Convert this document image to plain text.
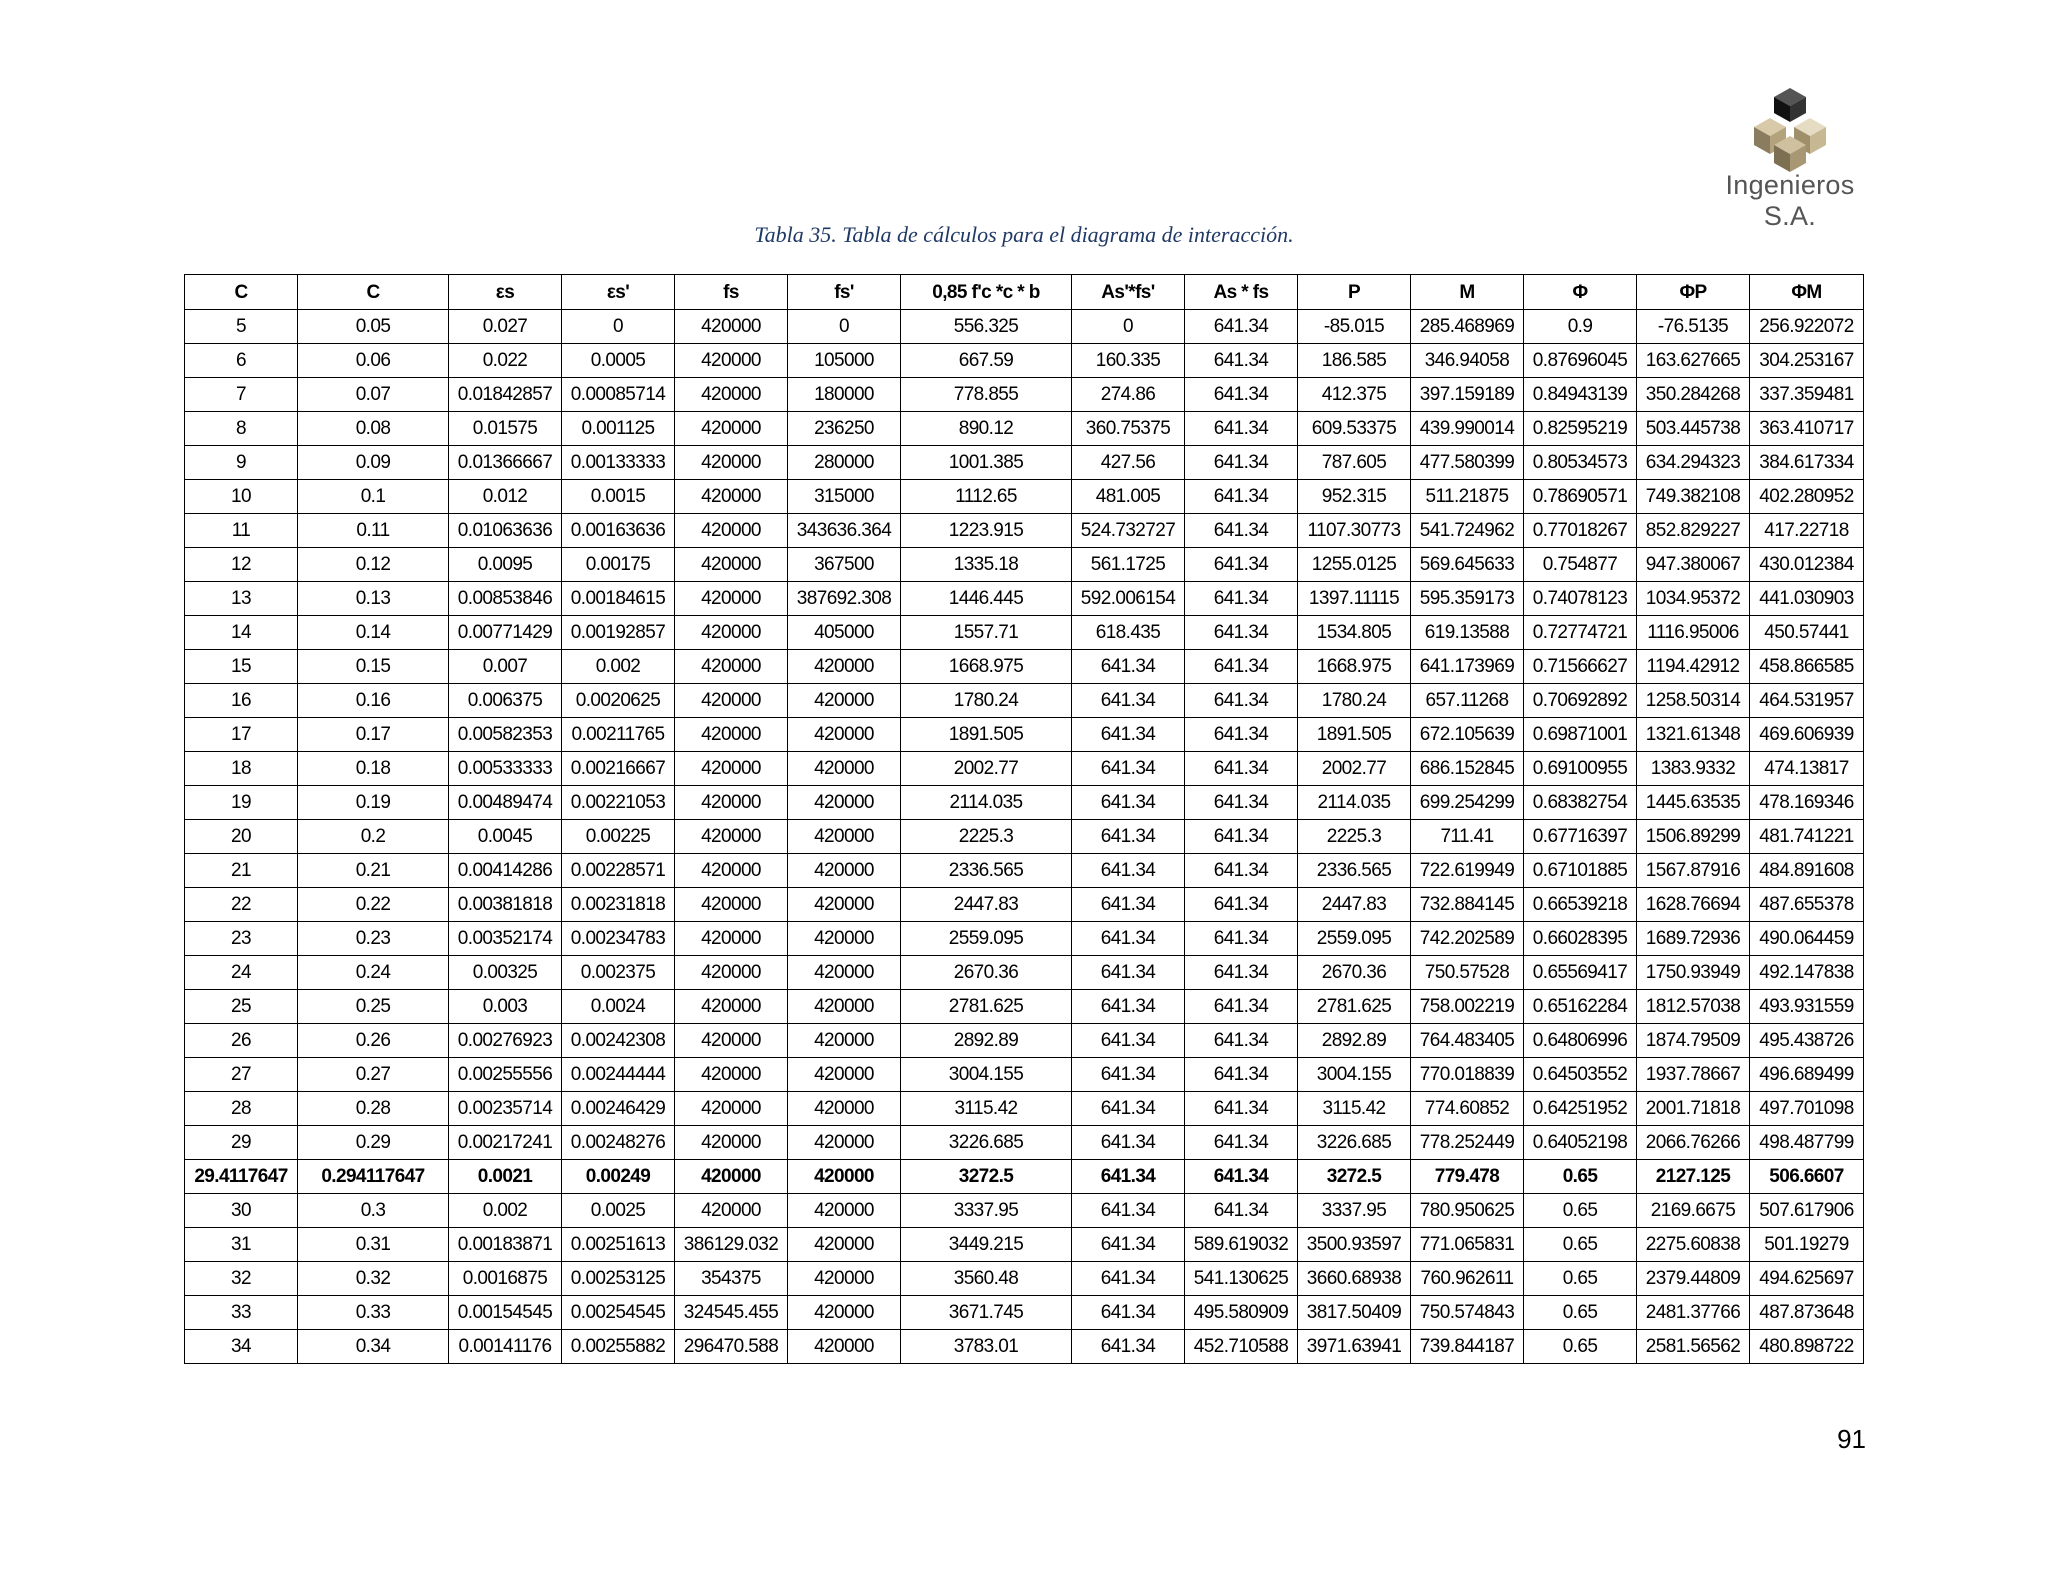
Ingenieros S.A.
Tabla 35. Tabla de cálculos para el diagrama de interacción.
C	C	εs	εs'	fs	fs'	0,85 f'c *c * b	As'*fs'	As * fs	P	M	Φ	ΦP	ΦM
5	0.05	0.027	0	420000	0	556.325	0	641.34	-85.015	285.468969	0.9	-76.5135	256.922072
6	0.06	0.022	0.0005	420000	105000	667.59	160.335	641.34	186.585	346.94058	0.87696045	163.627665	304.253167
7	0.07	0.01842857	0.00085714	420000	180000	778.855	274.86	641.34	412.375	397.159189	0.84943139	350.284268	337.359481
8	0.08	0.01575	0.001125	420000	236250	890.12	360.75375	641.34	609.53375	439.990014	0.82595219	503.445738	363.410717
9	0.09	0.01366667	0.00133333	420000	280000	1001.385	427.56	641.34	787.605	477.580399	0.80534573	634.294323	384.617334
10	0.1	0.012	0.0015	420000	315000	1112.65	481.005	641.34	952.315	511.21875	0.78690571	749.382108	402.280952
11	0.11	0.01063636	0.00163636	420000	343636.364	1223.915	524.732727	641.34	1107.30773	541.724962	0.77018267	852.829227	417.22718
12	0.12	0.0095	0.00175	420000	367500	1335.18	561.1725	641.34	1255.0125	569.645633	0.754877	947.380067	430.012384
13	0.13	0.00853846	0.00184615	420000	387692.308	1446.445	592.006154	641.34	1397.11115	595.359173	0.74078123	1034.95372	441.030903
14	0.14	0.00771429	0.00192857	420000	405000	1557.71	618.435	641.34	1534.805	619.13588	0.72774721	1116.95006	450.57441
15	0.15	0.007	0.002	420000	420000	1668.975	641.34	641.34	1668.975	641.173969	0.71566627	1194.42912	458.866585
16	0.16	0.006375	0.0020625	420000	420000	1780.24	641.34	641.34	1780.24	657.11268	0.70692892	1258.50314	464.531957
17	0.17	0.00582353	0.00211765	420000	420000	1891.505	641.34	641.34	1891.505	672.105639	0.69871001	1321.61348	469.606939
18	0.18	0.00533333	0.00216667	420000	420000	2002.77	641.34	641.34	2002.77	686.152845	0.69100955	1383.9332	474.13817
19	0.19	0.00489474	0.00221053	420000	420000	2114.035	641.34	641.34	2114.035	699.254299	0.68382754	1445.63535	478.169346
20	0.2	0.0045	0.00225	420000	420000	2225.3	641.34	641.34	2225.3	711.41	0.67716397	1506.89299	481.741221
21	0.21	0.00414286	0.00228571	420000	420000	2336.565	641.34	641.34	2336.565	722.619949	0.67101885	1567.87916	484.891608
22	0.22	0.00381818	0.00231818	420000	420000	2447.83	641.34	641.34	2447.83	732.884145	0.66539218	1628.76694	487.655378
23	0.23	0.00352174	0.00234783	420000	420000	2559.095	641.34	641.34	2559.095	742.202589	0.66028395	1689.72936	490.064459
24	0.24	0.00325	0.002375	420000	420000	2670.36	641.34	641.34	2670.36	750.57528	0.65569417	1750.93949	492.147838
25	0.25	0.003	0.0024	420000	420000	2781.625	641.34	641.34	2781.625	758.002219	0.65162284	1812.57038	493.931559
26	0.26	0.00276923	0.00242308	420000	420000	2892.89	641.34	641.34	2892.89	764.483405	0.64806996	1874.79509	495.438726
27	0.27	0.00255556	0.00244444	420000	420000	3004.155	641.34	641.34	3004.155	770.018839	0.64503552	1937.78667	496.689499
28	0.28	0.00235714	0.00246429	420000	420000	3115.42	641.34	641.34	3115.42	774.60852	0.64251952	2001.71818	497.701098
29	0.29	0.00217241	0.00248276	420000	420000	3226.685	641.34	641.34	3226.685	778.252449	0.64052198	2066.76266	498.487799
29.4117647	0.294117647	0.0021	0.00249	420000	420000	3272.5	641.34	641.34	3272.5	779.478	0.65	2127.125	506.6607
30	0.3	0.002	0.0025	420000	420000	3337.95	641.34	641.34	3337.95	780.950625	0.65	2169.6675	507.617906
31	0.31	0.00183871	0.00251613	386129.032	420000	3449.215	641.34	589.619032	3500.93597	771.065831	0.65	2275.60838	501.19279
32	0.32	0.0016875	0.00253125	354375	420000	3560.48	641.34	541.130625	3660.68938	760.962611	0.65	2379.44809	494.625697
33	0.33	0.00154545	0.00254545	324545.455	420000	3671.745	641.34	495.580909	3817.50409	750.574843	0.65	2481.37766	487.873648
34	0.34	0.00141176	0.00255882	296470.588	420000	3783.01	641.34	452.710588	3971.63941	739.844187	0.65	2581.56562	480.898722
91
